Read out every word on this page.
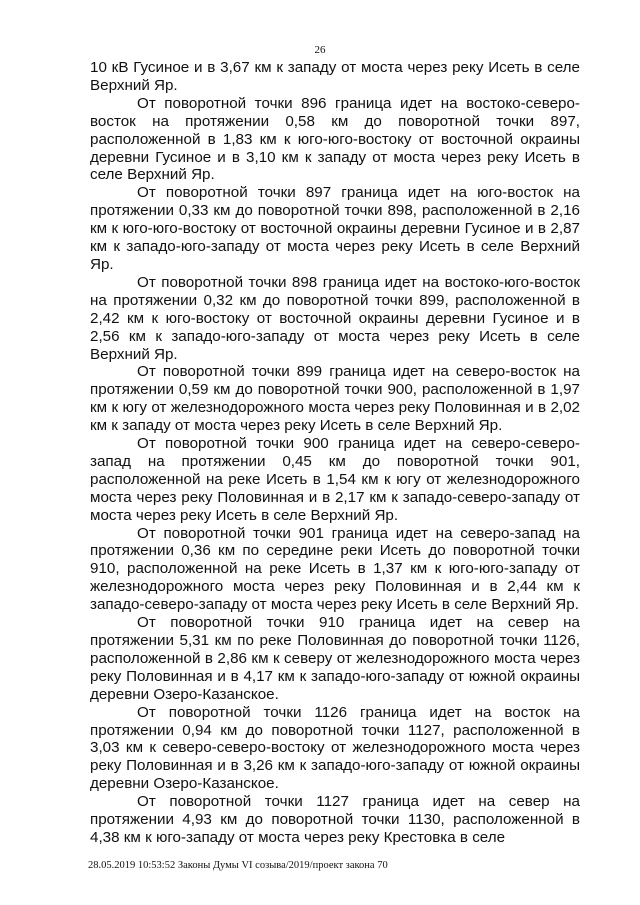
26

10 кВ Гусиное и в 3,67 км к западу от моста через реку Исеть в селе Верхний Яр.

От поворотной точки 896 граница идет на востоко-северо-восток на протяжении 0,58 км до поворотной точки 897, расположенной в 1,83 км к юго-юго-востоку от восточной окраины деревни Гусиное и в 3,10 км к западу от моста через реку Исеть в селе Верхний Яр.

От поворотной точки 897 граница идет на юго-восток на протяжении 0,33 км до поворотной точки 898, расположенной в 2,16 км к юго-юго-востоку от восточной окраины деревни Гусиное и в 2,87 км к западо-юго-западу от моста через реку Исеть в селе Верхний Яр.

От поворотной точки 898 граница идет на востоко-юго-восток на протяжении 0,32 км до поворотной точки 899, расположенной в 2,42 км к юго-востоку от восточной окраины деревни Гусиное и в 2,56 км к западо-юго-западу от моста через реку Исеть в селе Верхний Яр.

От поворотной точки 899 граница идет на северо-восток на протяжении 0,59 км до поворотной точки 900, расположенной в 1,97 км к югу от железнодорожного моста через реку Половинная и в 2,02 км к западу от моста через реку Исеть в селе Верхний Яр.

От поворотной точки 900 граница идет на северо-северо-запад на протяжении 0,45 км до поворотной точки 901, расположенной на реке Исеть в 1,54 км к югу от железнодорожного моста через реку Половинная и в 2,17 км к западо-северо-западу от моста через реку Исеть в селе Верхний Яр.

От поворотной точки 901 граница идет на северо-запад на протяжении 0,36 км по середине реки Исеть до поворотной точки 910, расположенной на реке Исеть в 1,37 км к юго-юго-западу от железнодорожного моста через реку Половинная и в 2,44 км к западо-северо-западу от моста через реку Исеть в селе Верхний Яр.

От поворотной точки 910 граница идет на север на протяжении 5,31 км по реке Половинная до поворотной точки 1126, расположенной в 2,86 км к северу от железнодорожного моста через реку Половинная и в 4,17 км к западо-юго-западу от южной окраины деревни Озеро-Казанское.

От поворотной точки 1126 граница идет на восток на протяжении 0,94 км до поворотной точки 1127, расположенной в 3,03 км к северо-северо-востоку от железнодорожного моста через реку Половинная и в 3,26 км к западо-юго-западу от южной окраины деревни Озеро-Казанское.

От поворотной точки 1127 граница идет на север на протяжении 4,93 км до поворотной точки 1130, расположенной в 4,38 км к юго-западу от моста через реку Крестовка в селе

28.05.2019 10:53:52 Законы Думы VI созыва/2019/проект закона 70
